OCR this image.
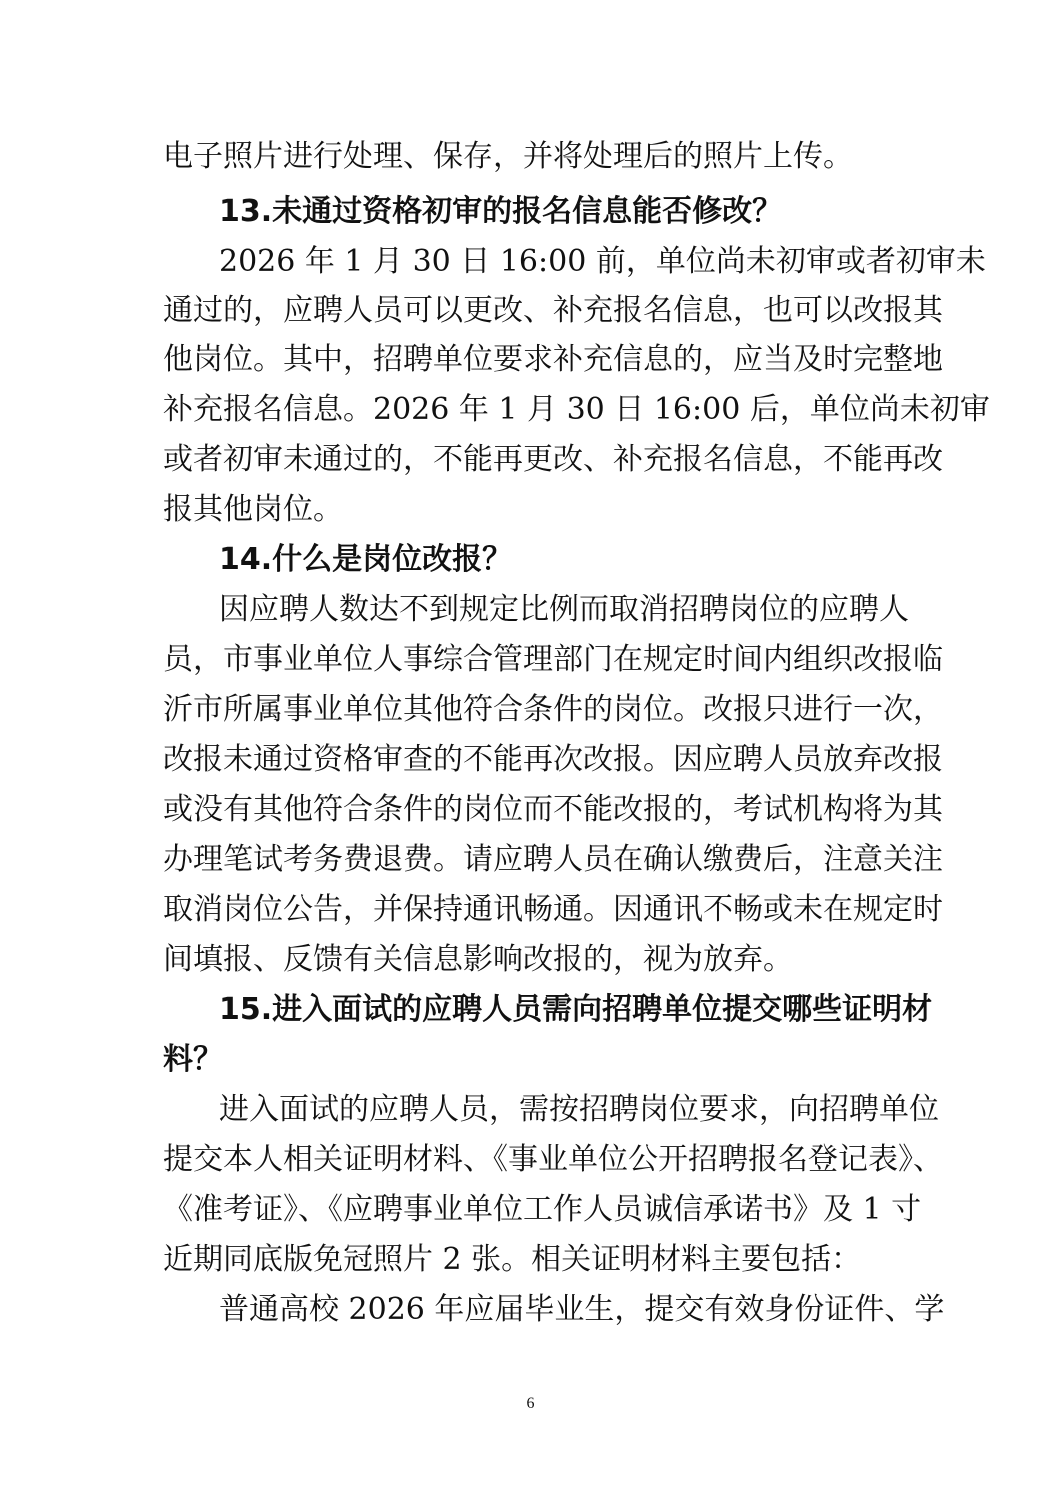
电子照片进行处理、保存，并将处理后的照片上传。
13.未通过资格初审的报名信息能否修改？
2026 年 1 月 30 日 16:00 前，单位尚未初审或者初审未
通过的，应聘人员可以更改、补充报名信息，也可以改报其
他岗位。其中，招聘单位要求补充信息的，应当及时完整地
补充报名信息。2026 年 1 月 30 日 16:00 后，单位尚未初审
或者初审未通过的，不能再更改、补充报名信息，不能再改
报其他岗位。
14.什么是岗位改报？
因应聘人数达不到规定比例而取消招聘岗位的应聘人
员，市事业单位人事综合管理部门在规定时间内组织改报临
沂市所属事业单位其他符合条件的岗位。改报只进行一次，
改报未通过资格审查的不能再次改报。因应聘人员放弃改报
或没有其他符合条件的岗位而不能改报的，考试机构将为其
办理笔试考务费退费。请应聘人员在确认缴费后，注意关注
取消岗位公告，并保持通讯畅通。因通讯不畅或未在规定时
间填报、反馈有关信息影响改报的，视为放弃。
15.进入面试的应聘人员需向招聘单位提交哪些证明材
料？
进入面试的应聘人员，需按招聘岗位要求，向招聘单位
提交本人相关证明材料、《事业单位公开招聘报名登记表》、
《准考证》、《应聘事业单位工作人员诚信承诺书》及 1 寸
近期同底版免冠照片 2 张。相关证明材料主要包括：
普通高校 2026 年应届毕业生，提交有效身份证件、学
6
